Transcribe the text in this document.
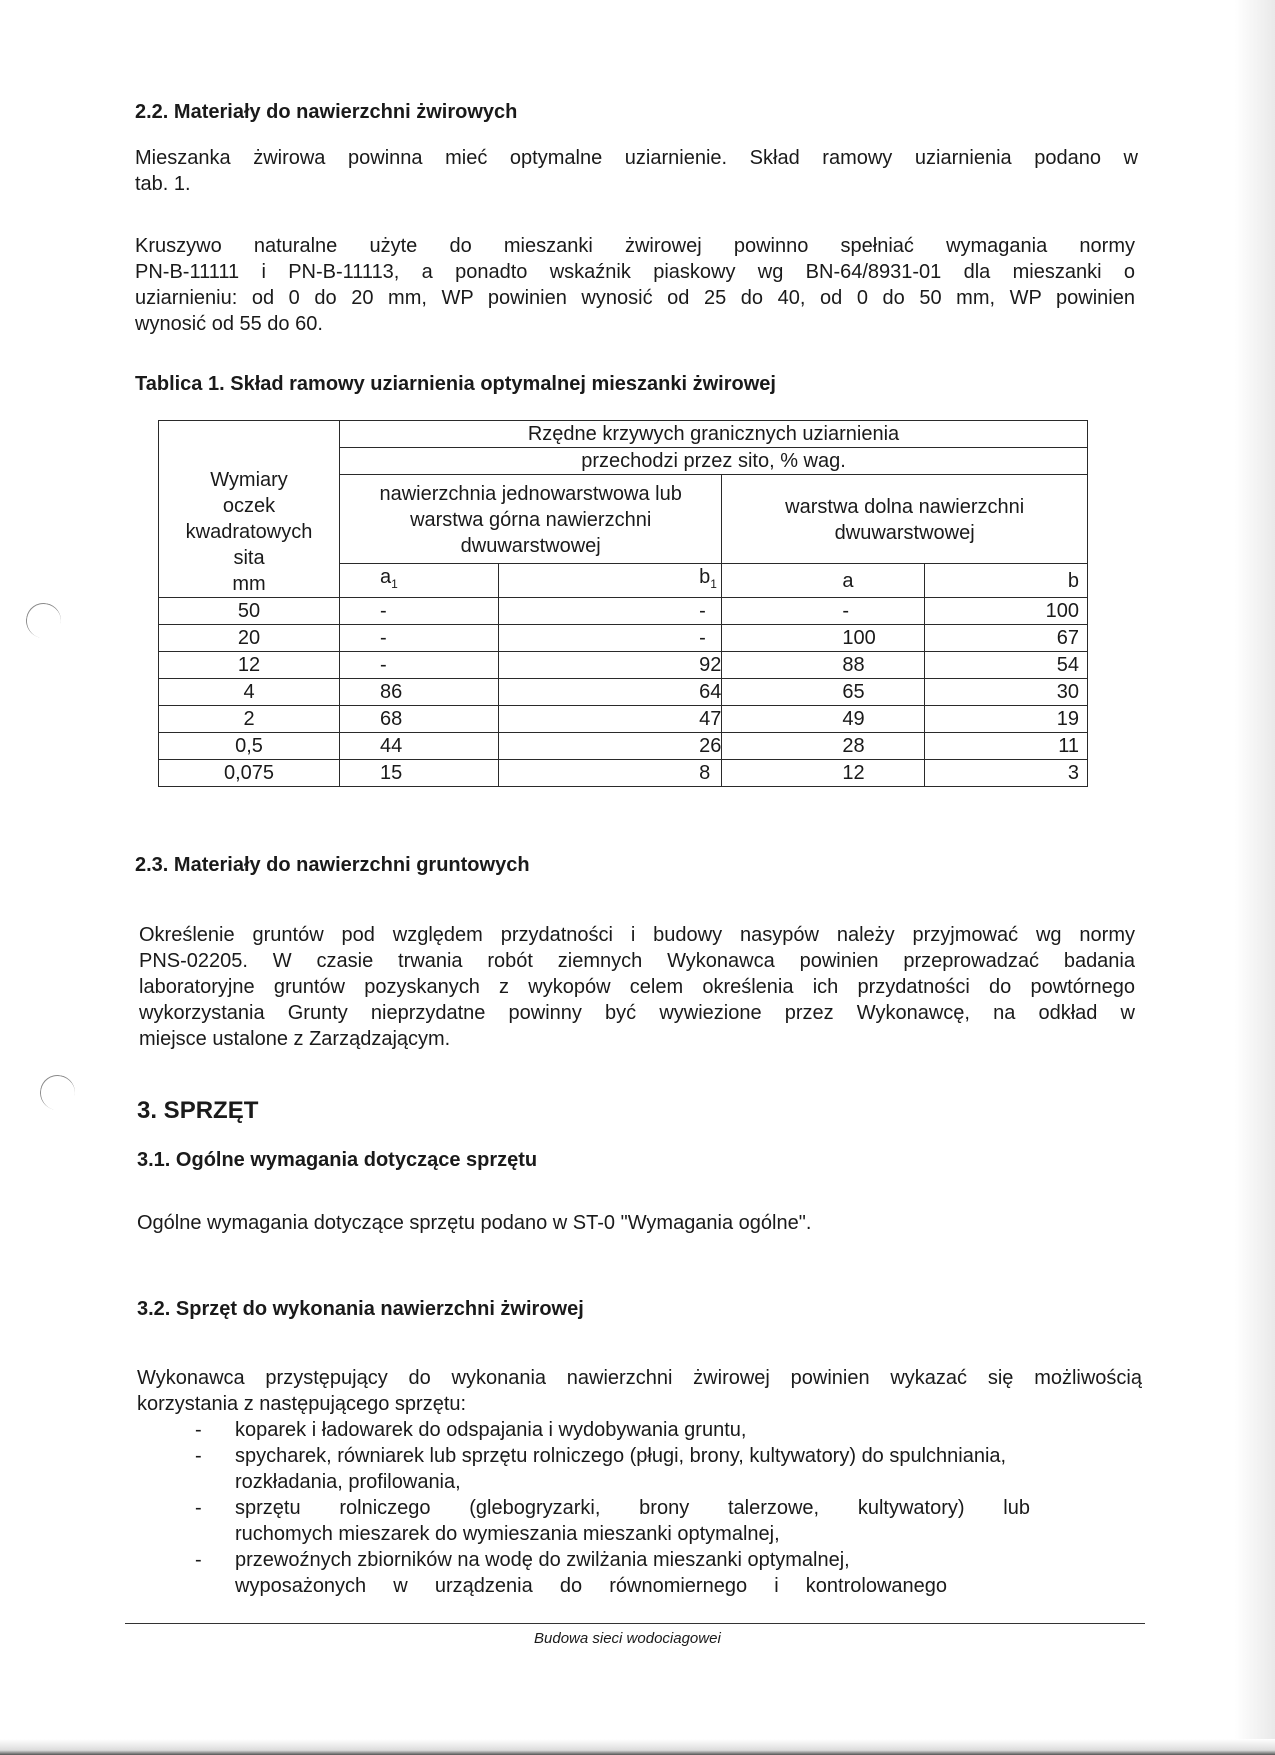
2.2. Materiały do nawierzchni żwirowych
Mieszanka żwirowa powinna mieć optymalne uziarnienie. Skład ramowy uziarnienia podano w
tab. 1.
Kruszywo naturalne użyte do mieszanki żwirowej powinno spełniać wymagania normy
PN-B-11111 i PN-B-11113, a ponadto wskaźnik piaskowy wg BN-64/8931-01 dla mieszanki o
uziarnieniu: od 0 do 20 mm, WP powinien wynosić od 25 do 40, od 0 do 50 mm, WP powinien
wynosić od 55 do 60.
Tablica 1. Skład ramowy uziarnienia optymalnej mieszanki żwirowej
Wymiary
oczek
kwadratowych
sita
mm	Rzędne krzywych granicznych uziarnienia			
	przechodzi przez sito, % wag.			

	nawierzchnia jednowarstwowa lub
warstwa górna nawierzchni
dwuwarstwowej		warstwa dolna nawierzchni
dwuwarstwowej	

	$a_1$	$b_1$	a	b
50	-	-	-	100
20	-	-	100	67
12	-	92	88	54
4	86	64	65	30
2	68	47	49	19
0,5	44	26	28	11
0,075	15	8	12	3
2.3. Materiały do nawierzchni gruntowych
Określenie gruntów pod względem przydatności i budowy nasypów należy przyjmować wg normy
PNS-02205. W czasie trwania robót ziemnych Wykonawca powinien przeprowadzać badania
laboratoryjne gruntów pozyskanych z wykopów celem określenia ich przydatności do powtórnego
wykorzystania Grunty nieprzydatne powinny być wywiezione przez Wykonawcę, na odkład w
miejsce ustalone z Zarządzającym.
3. SPRZĘT
3.1. Ogólne wymagania dotyczące sprzętu
Ogólne wymagania dotyczące sprzętu podano w ST-0 "Wymagania ogólne".
3.2. Sprzęt do wykonania nawierzchni żwirowej
Wykonawca przystępujący do wykonania nawierzchni żwirowej powinien wykazać się możliwością
korzystania z następującego sprzętu:
- koparek i ładowarek do odspajania i wydobywania gruntu,
- spycharek, równiarek lub sprzętu rolniczego (pługi, brony, kultywatory) do spulchniania,
rozkładania, profilowania,
- sprzętu rolniczego (glebogryzarki, brony talerzowe, kultywatory) lub
ruchomych mieszarek do wymieszania mieszanki optymalnej,
- przewoźnych zbiorników na wodę do zwilżania mieszanki optymalnej,
wyposażonych w urządzenia do równomiernego i kontrolowanego
Budowa sieci wodociagowei
